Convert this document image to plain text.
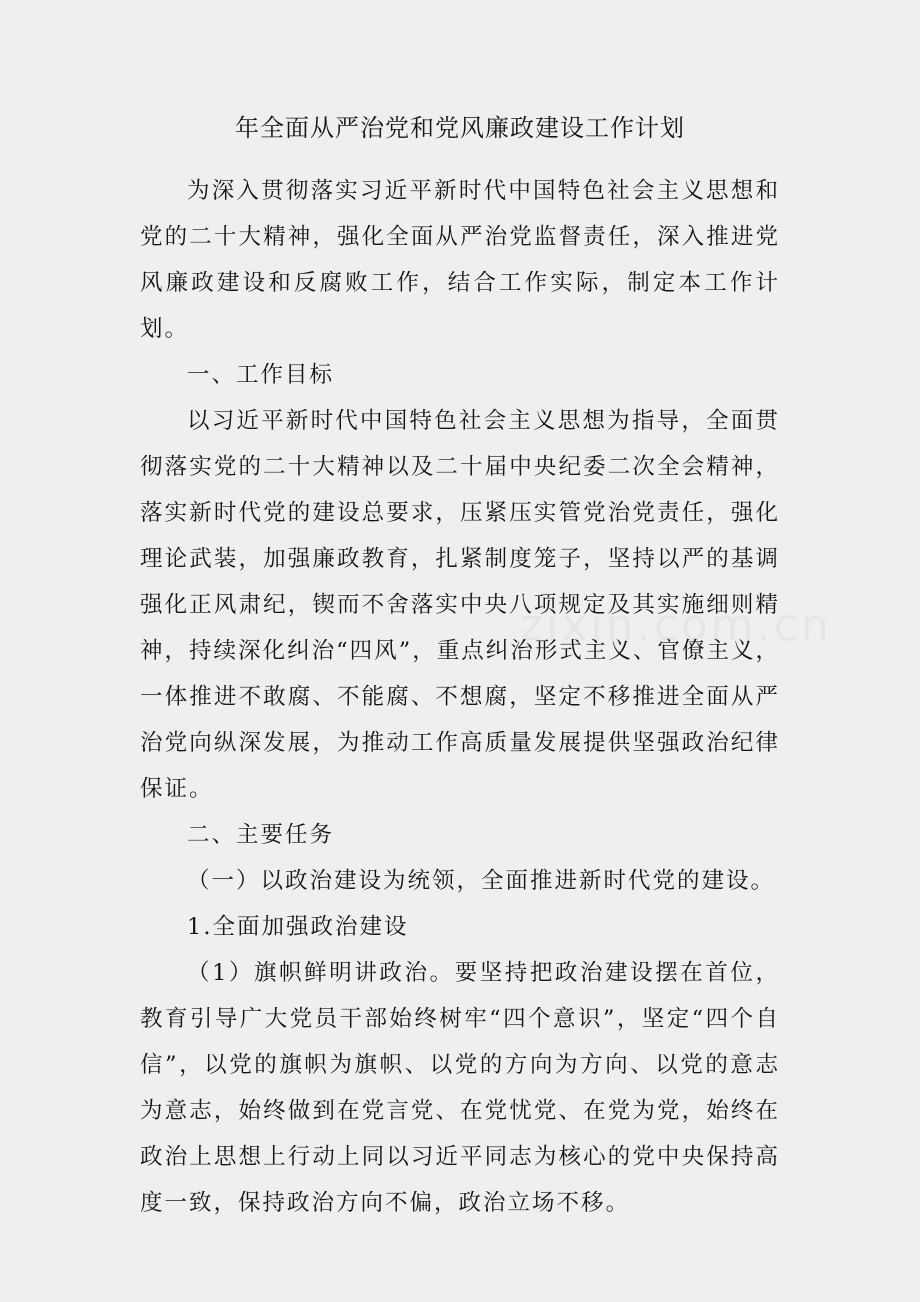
年全面从严治党和党风廉政建设工作计划

为深入贯彻落实习近平新时代中国特色社会主义思想和党的二十大精神，强化全面从严治党监督责任，深入推进党风廉政建设和反腐败工作，结合工作实际，制定本工作计划。

一、工作目标

以习近平新时代中国特色社会主义思想为指导，全面贯彻落实党的二十大精神以及二十届中央纪委二次全会精神，落实新时代党的建设总要求，压紧压实管党治党责任，强化理论武装，加强廉政教育，扎紧制度笼子，坚持以严的基调强化正风肃纪，锲而不舍落实中央八项规定及其实施细则精神，持续深化纠治“四风”，重点纠治形式主义、官僚主义，一体推进不敢腐、不能腐、不想腐，坚定不移推进全面从严治党向纵深发展，为推动工作高质量发展提供坚强政治纪律保证。

二、主要任务

（一）以政治建设为统领，全面推进新时代党的建设。

1.全面加强政治建设

（1）旗帜鲜明讲政治。要坚持把政治建设摆在首位，教育引导广大党员干部始终树牢“四个意识”，坚定“四个自信”，以党的旗帜为旗帜、以党的方向为方向、以党的意志为意志，始终做到在党言党、在党忧党、在党为党，始终在政治上思想上行动上同以习近平同志为核心的党中央保持高度一致，保持政治方向不偏，政治立场不移。

zixin.com.cn
